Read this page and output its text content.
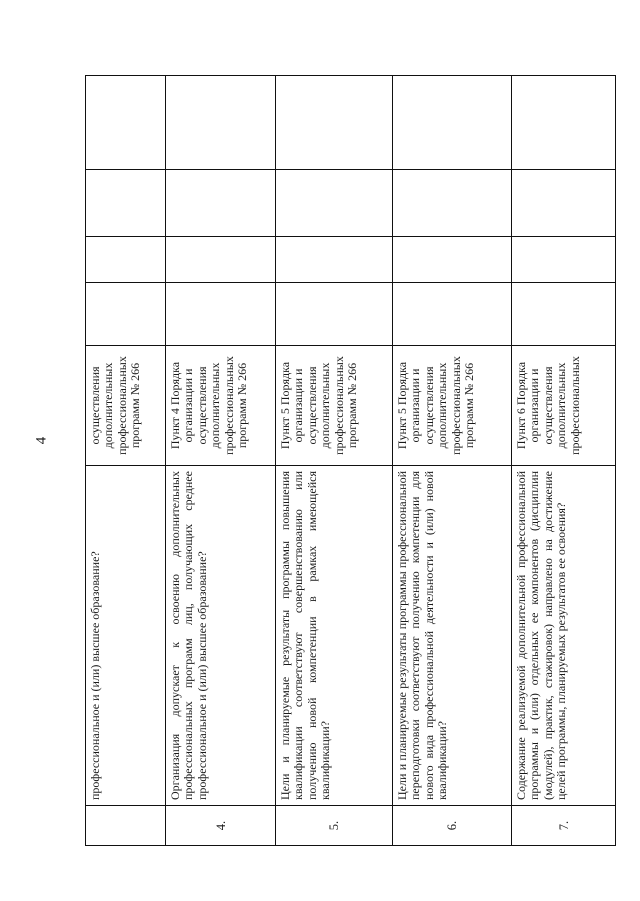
4
	профессиональное и (или) высшее образование?	осуществления дополнительных профессиональных программ № 266				
4.	Организация допускает к освоению дополнительных профессиональных программ лиц, получающих среднее профессиональное и (или) высшее образование?	Пункт 4 Порядка организации и осуществления дополнительных профессиональных программ № 266				
5.	Цели и планируемые результаты программы повышения квалификации соответствуют совершенствованию или получению новой компетенции в рамках имеющейся квалификации?	Пункт 5 Порядка организации и осуществления дополнительных профессиональных программ № 266				
6.	Цели и планируемые результаты программы профессиональной переподготовки соответствуют получению компетенции для нового вида профессиональной деятельности и (или) новой квалификации?	Пункт 5 Порядка организации и осуществления дополнительных профессиональных программ № 266				
7.	Содержание реализуемой дополнительной профессиональной программы и (или) отдельных ее компонентов (дисциплин (модулей), практик, стажировок) направлено на достижение целей программы, планируемых результатов ее освоения?	Пункт 6 Порядка организации и осуществления дополнительных профессиональных				
